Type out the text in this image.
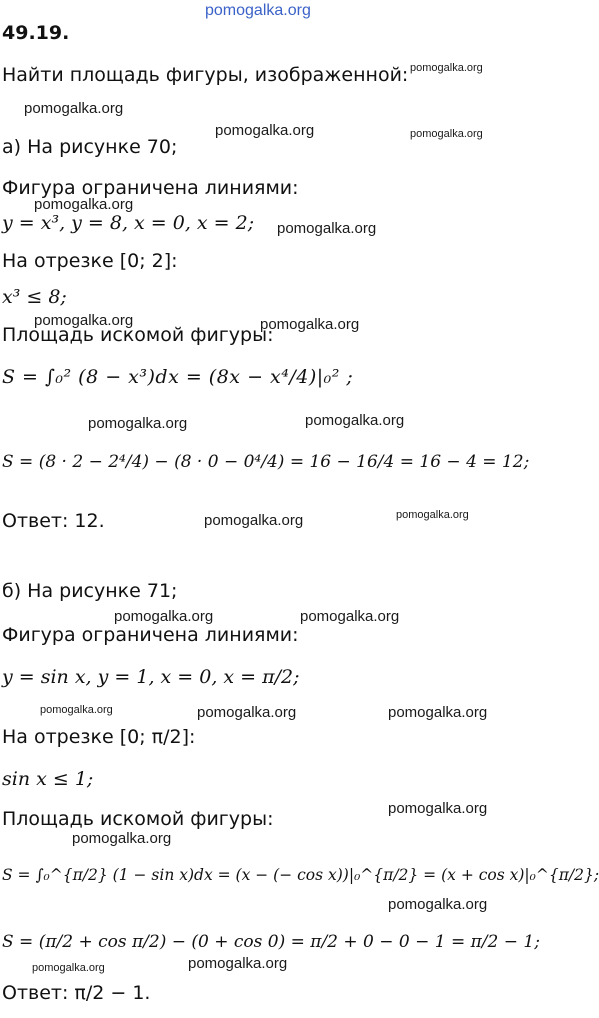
pomogalka.org
pomogalka.org
pomogalka.org
pomogalka.org	pomogalka.org
pomogalka.org
pomogalka.org
pomogalka.org	pomogalka.org
pomogalka.org	pomogalka.org
pomogalka.org	pomogalka.org
pomogalka.org	pomogalka.org
pomogalka.org	pomogalka.org	pomogalka.org
pomogalka.org
pomogalka.org
pomogalka.org
pomogalka.org
pomogalka.org
49.19.
Найти площадь фигуры, изображенной:
а) На рисунке 70;
Фигура ограничена линиями:
y = x³, y = 8, x = 0, x = 2;
На отрезке [0; 2]:
x³ ≤ 8;
Площадь искомой фигуры:
S = ∫₀² (8 − x³)dx = (8x − x⁴/4)|₀² ;
S = (8 · 2 − 2⁴/4) − (8 · 0 − 0⁴/4) = 16 − 16/4 = 16 − 4 = 12;
Ответ: 12.
б) На рисунке 71;
Фигура ограничена линиями:
y = sin x, y = 1, x = 0, x = π/2;
На отрезке [0; π/2]:
sin x ≤ 1;
Площадь искомой фигуры:
S = ∫₀^{π/2} (1 − sin x)dx = (x − (− cos x))|₀^{π/2} = (x + cos x)|₀^{π/2};
S = (π/2 + cos π/2) − (0 + cos 0) = π/2 + 0 − 0 − 1 = π/2 − 1;
Ответ: π/2 − 1.
